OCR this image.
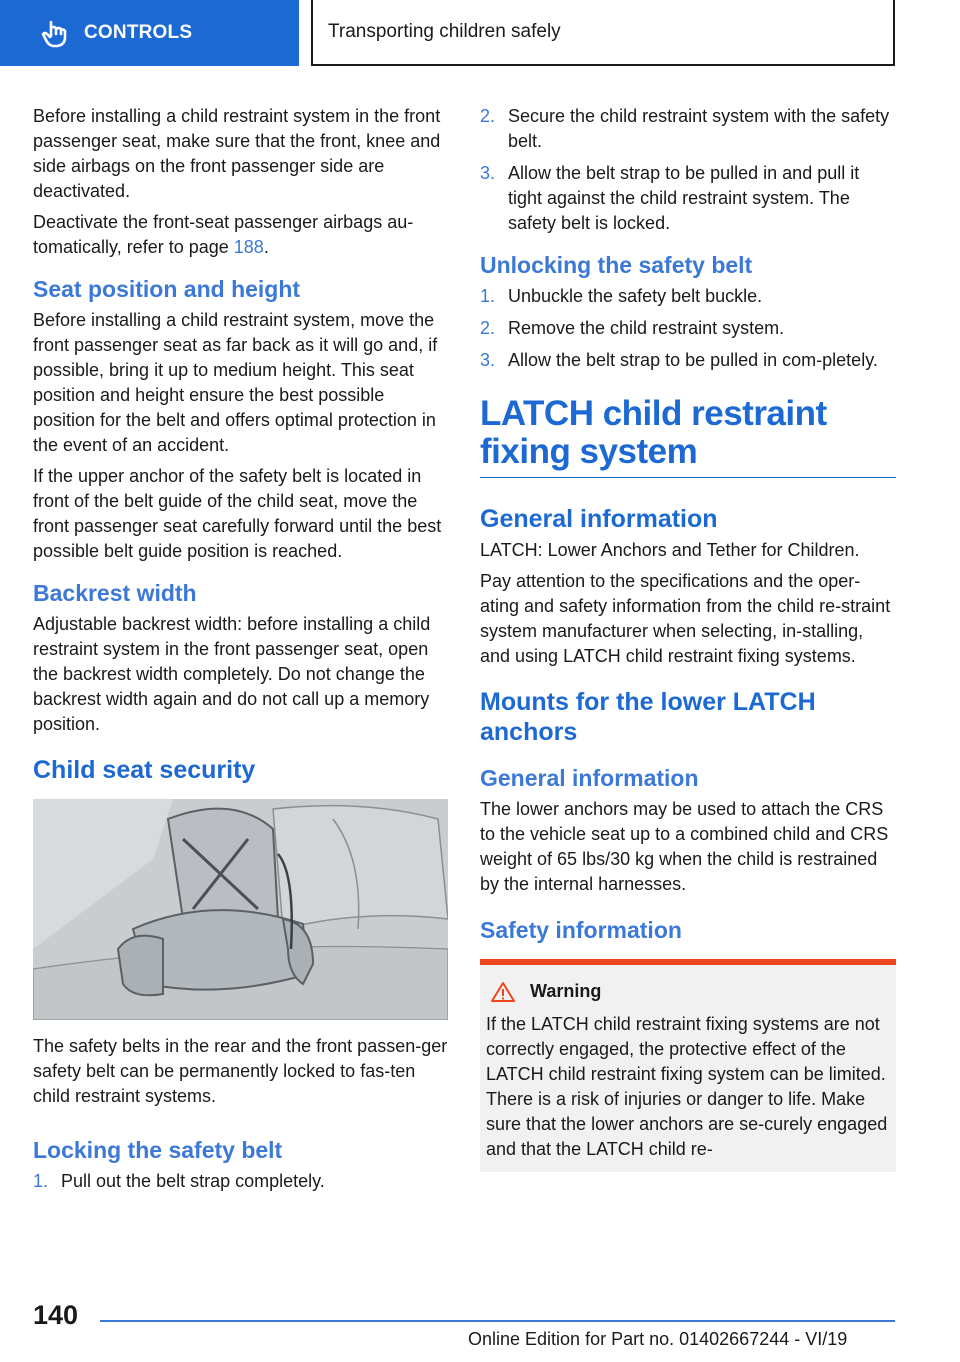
CONTROLS	Transporting children safely

Before installing a child restraint system in the front passenger seat, make sure that the front, knee and side airbags on the front passenger side are deactivated.

Deactivate the front-seat passenger airbags au‐tomatically, refer to page 188.

Seat position and height

Before installing a child restraint system, move the front passenger seat as far back as it will go and, if possible, bring it up to medium height. This seat position and height ensure the best possible position for the belt and offers optimal protection in the event of an accident.

If the upper anchor of the safety belt is located in front of the belt guide of the child seat, move the front passenger seat carefully forward until the best possible belt guide position is reached.

Backrest width

Adjustable backrest width: before installing a child restraint system in the front passenger seat, open the backrest width completely. Do not change the backrest width again and do not call up a memory position.

Child seat security

The safety belts in the rear and the front passen‐ger safety belt can be permanently locked to fas‐ten child restraint systems.

Locking the safety belt
1. Pull out the belt strap completely.
2. Secure the child restraint system with the safety belt.
3. Allow the belt strap to be pulled in and pull it tight against the child restraint system. The safety belt is locked.
Unlocking the safety belt
1. Unbuckle the safety belt buckle.
2. Remove the child restraint system.
3. Allow the belt strap to be pulled in com‐pletely.
LATCH child restraint fixing system
General information

LATCH: Lower Anchors and Tether for Children.

Pay attention to the specifications and the oper‐ating and safety information from the child re‐straint system manufacturer when selecting, in‐stalling, and using LATCH child restraint fixing systems.

Mounts for the lower LATCH anchors
General information

The lower anchors may be used to attach the CRS to the vehicle seat up to a combined child and CRS weight of 65 lbs/30 kg when the child is restrained by the internal harnesses.

Safety information
Warning

If the LATCH child restraint fixing systems are not correctly engaged, the protective effect of the LATCH child restraint fixing system can be limited. There is a risk of injuries or danger to life. Make sure that the lower anchors are se‐curely engaged and that the LATCH child re‐

140
Online Edition for Part no. 01402667244 - VI/19
